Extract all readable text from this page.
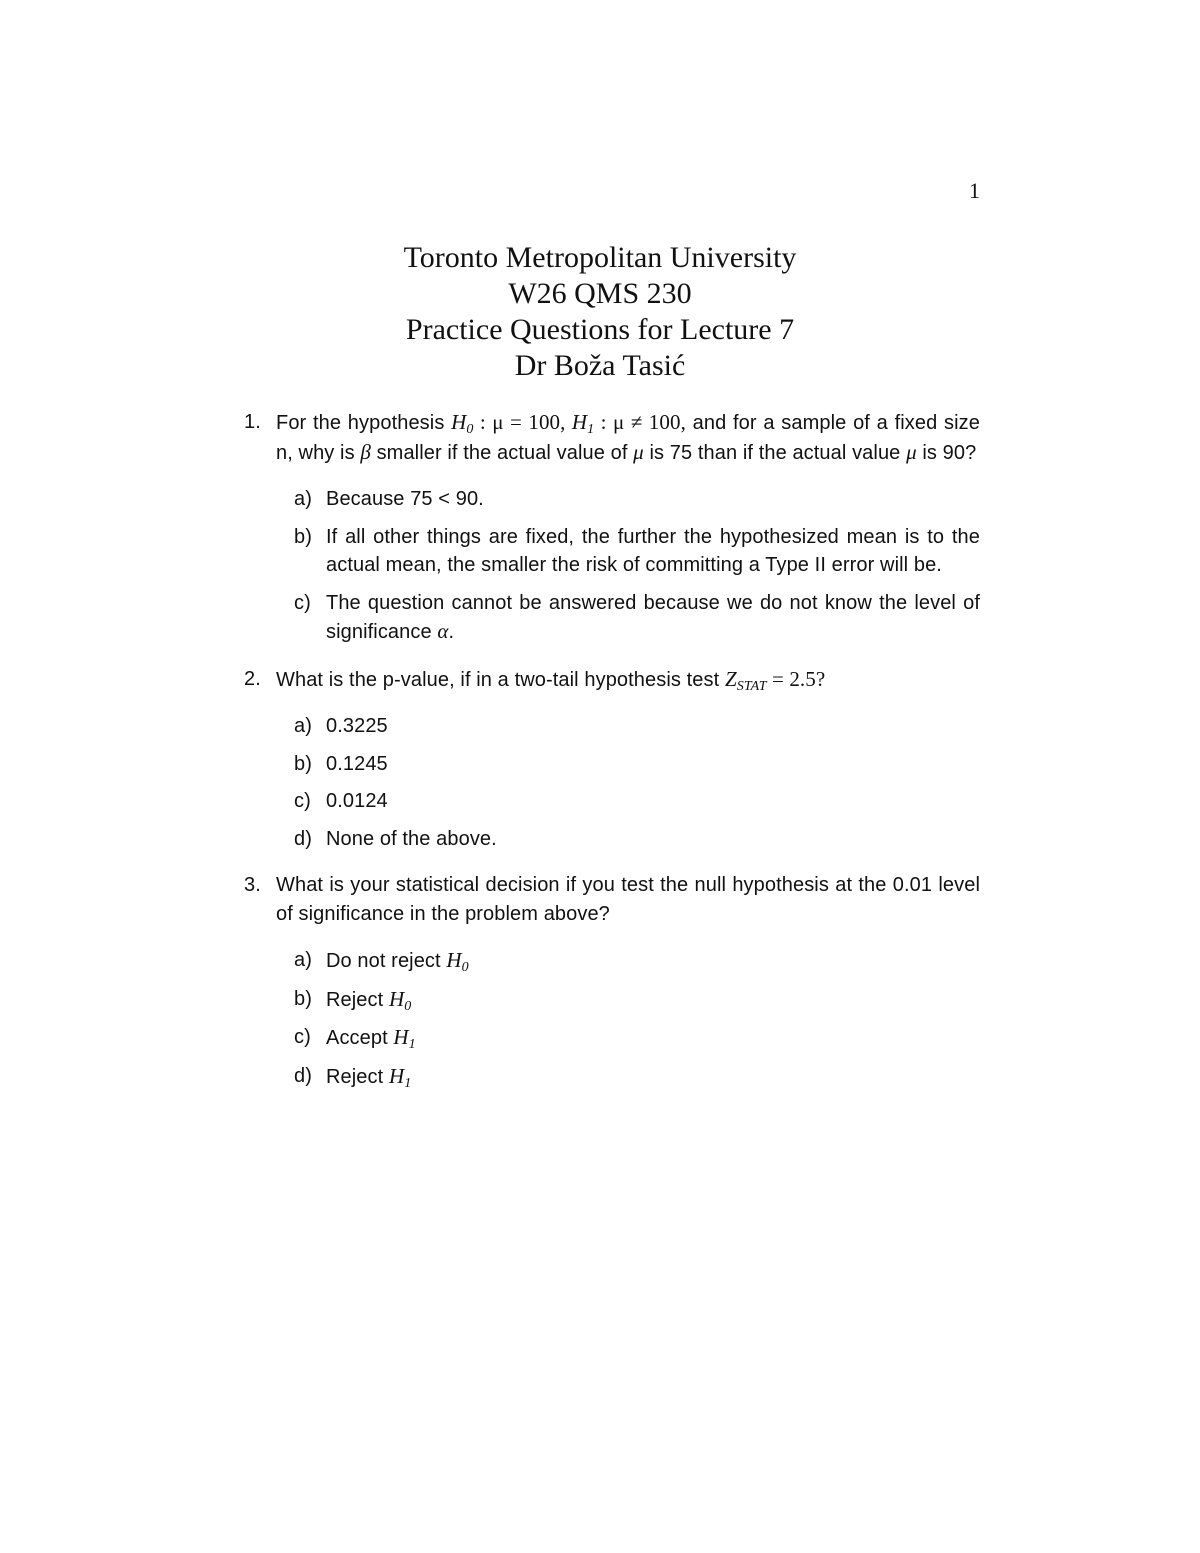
1
Toronto Metropolitan University
W26 QMS 230
Practice Questions for Lecture 7
Dr Boža Tasić
1. For the hypothesis $H_0$ : μ = 100, $H_1$ : μ ≠ 100, and for a sample of a fixed size n, why is β smaller if the actual value of μ is 75 than if the actual value μ is 90?
a) Because 75 < 90.
b) If all other things are fixed, the further the hypothesized mean is to the actual mean, the smaller the risk of committing a Type II error will be.
c) The question cannot be answered because we do not know the level of significance α.
2. What is the p-value, if in a two-tail hypothesis test $Z_{STAT} = 2.5$?
a) 0.3225
b) 0.1245
c) 0.0124
d) None of the above.
3. What is your statistical decision if you test the null hypothesis at the 0.01 level of significance in the problem above?
a) Do not reject $H_0$
b) Reject $H_0$
c) Accept $H_1$
d) Reject $H_1$
